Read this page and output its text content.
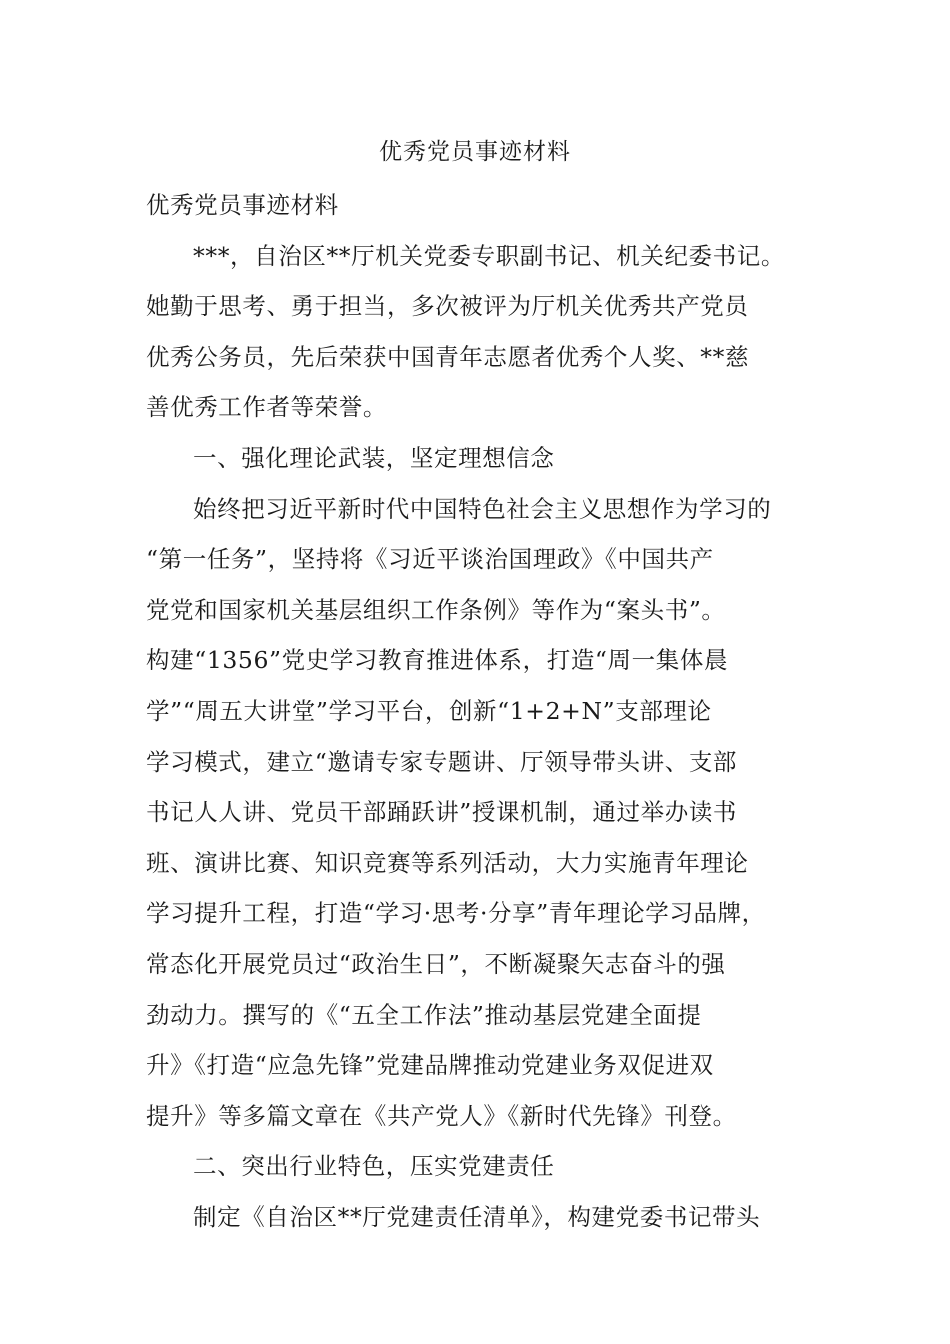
优秀党员事迹材料
优秀党员事迹材料
***，自治区**厅机关党委专职副书记、机关纪委书记。
她勤于思考、勇于担当，多次被评为厅机关优秀共产党员
优秀公务员，先后荣获中国青年志愿者优秀个人奖、**慈
善优秀工作者等荣誉。
一、强化理论武装，坚定理想信念
始终把习近平新时代中国特色社会主义思想作为学习的
“第一任务”，坚持将《习近平谈治国理政》《中国共产
党党和国家机关基层组织工作条例》等作为“案头书”。
构建“1356”党史学习教育推进体系，打造“周一集体晨
学”“周五大讲堂”学习平台，创新“1+2+N”支部理论
学习模式，建立“邀请专家专题讲、厅领导带头讲、支部
书记人人讲、党员干部踊跃讲”授课机制，通过举办读书
班、演讲比赛、知识竞赛等系列活动，大力实施青年理论
学习提升工程，打造“学习·思考·分享”青年理论学习品牌，
常态化开展党员过“政治生日”，不断凝聚矢志奋斗的强
劲动力。撰写的《“五全工作法”推动基层党建全面提
升》《打造“应急先锋”党建品牌推动党建业务双促进双
提升》等多篇文章在《共产党人》《新时代先锋》刊登。
二、突出行业特色，压实党建责任
制定《自治区**厅党建责任清单》，构建党委书记带头
